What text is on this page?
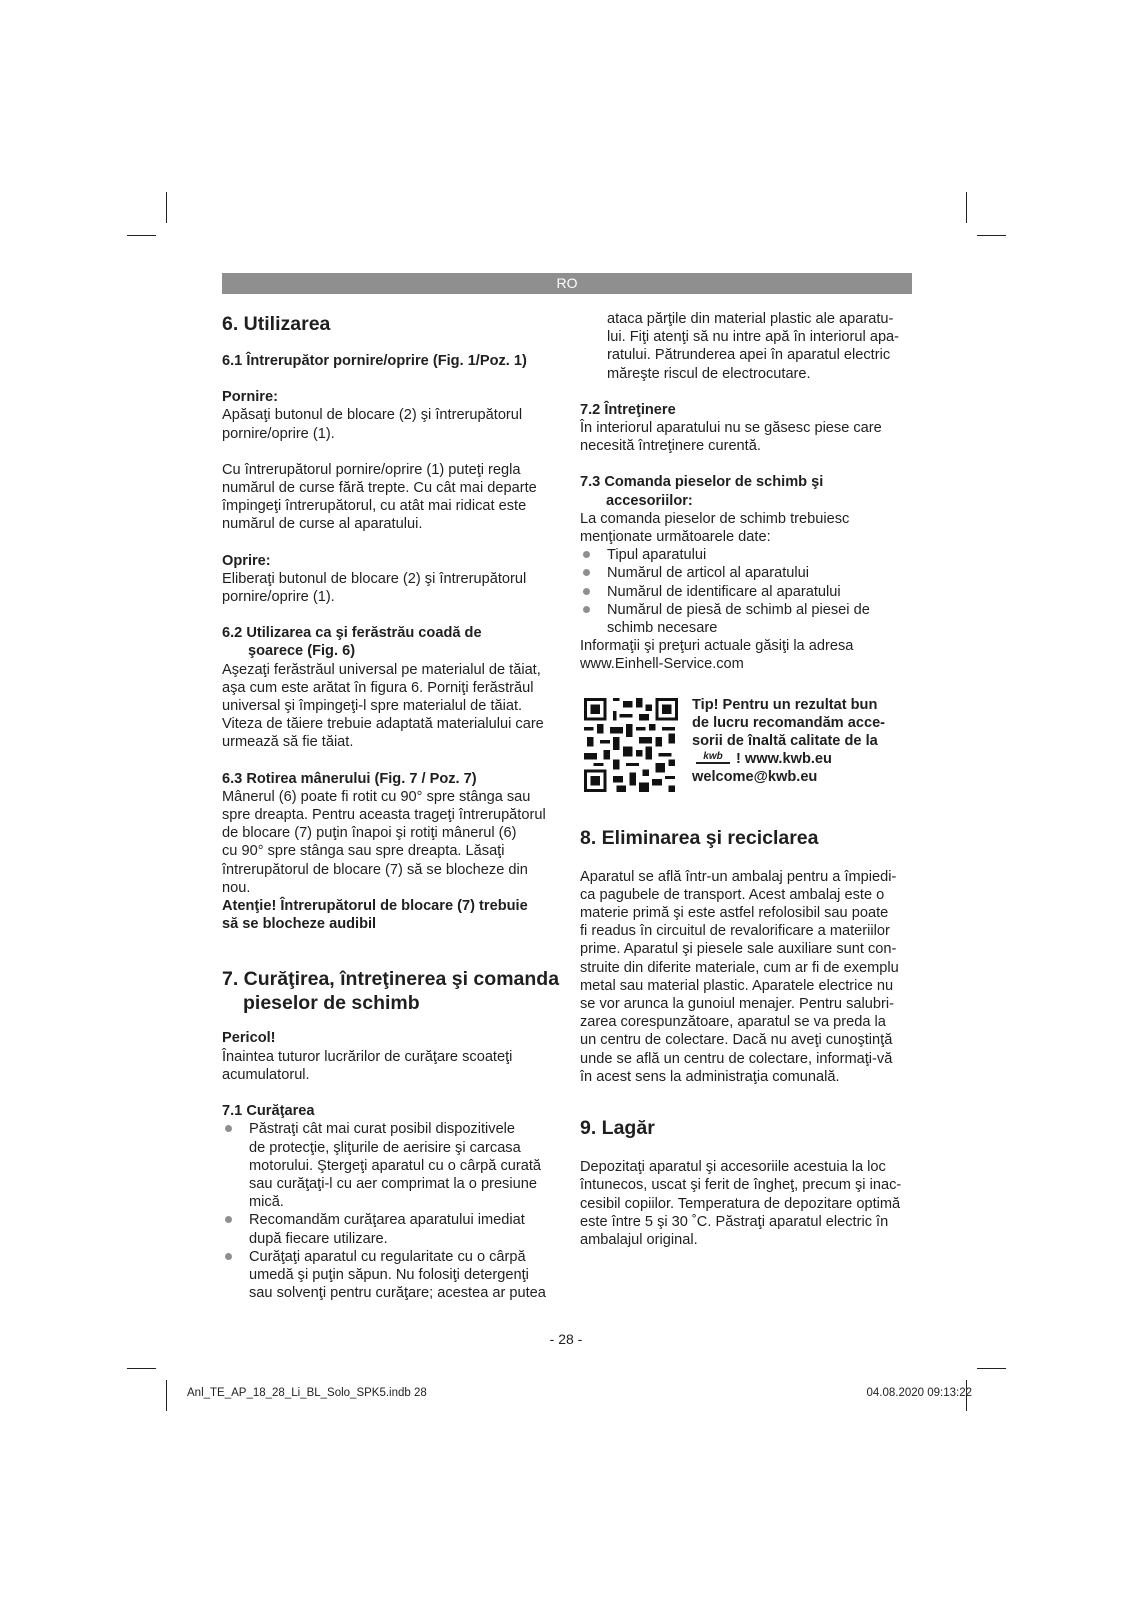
RO
6. Utilizarea

6.1 Întrerupător pornire/oprire (Fig. 1/Poz. 1)

Pornire:

Apăsaţi butonul de blocare (2) şi întrerupătorul

pornire/oprire (1).

Cu întrerupătorul pornire/oprire (1) puteţi regla

numărul de curse fără trepte. Cu cât mai departe

împingeţi întrerupătorul, cu atât mai ridicat este

numărul de curse al aparatului.

Oprire:

Eliberaţi butonul de blocare (2) şi întrerupătorul

pornire/oprire (1).

6.2 Utilizarea ca şi ferăstrău coadă de
şoarece (Fig. 6)

Aşezaţi ferăstrăul universal pe materialul de tăiat,

aşa cum este arătat în figura 6. Porniţi ferăstrăul

universal şi împingeţi-l spre materialul de tăiat.

Viteza de tăiere trebuie adaptată materialului care

urmează să fie tăiat.

6.3 Rotirea mânerului (Fig. 7 / Poz. 7)

Mânerul (6) poate fi rotit cu 90° spre stânga sau

spre dreapta. Pentru aceasta trageţi întrerupătorul

de blocare (7) puţin înapoi şi rotiţi mânerul (6)

cu 90° spre stânga sau spre dreapta. Lăsaţi

întrerupătorul de blocare (7) să se blocheze din

nou.

Atenţie! Întrerupătorul de blocare (7) trebuie

să se blocheze audibil

7. Curăţirea, întreţinerea şi comanda
pieselor de schimb

Pericol!

Înaintea tuturor lucrărilor de curăţare scoateţi

acumulatorul.

7.1 Curăţarea

Păstraţi cât mai curat posibil dispozitivele
de protecţie, şliţurile de aerisire şi carcasa
motorului. Ştergeţi aparatul cu o cârpă curată
sau curăţaţi-l cu aer comprimat la o presiune
mică.
Recomandăm curăţarea aparatului imediat
după fiecare utilizare.
Curăţaţi aparatul cu regularitate cu o cârpă
umedă şi puţin săpun. Nu folosiţi detergenţi
sau solvenţi pentru curăţare; acestea ar putea

ataca părţile din material plastic ale aparatu-

lui. Fiţi atenţi să nu intre apă în interiorul apa-

ratului. Pătrunderea apei în aparatul electric

măreşte riscul de electrocutare.

7.2 Întreţinere

În interiorul aparatului nu se găsesc piese care

necesită întreţinere curentă.

7.3 Comanda pieselor de schimb şi
accesoriilor:

La comanda pieselor de schimb trebuiesc

menţionate următoarele date:

Tipul aparatului
Numărul de articol al aparatului
Numărul de identificare al aparatului
Numărul de piesă de schimb al piesei de
schimb necesare

Informaţii şi preţuri actuale găsiţi la adresa

www.Einhell-Service.com

Tip! Pentru un rezultat bun
de lucru recomandăm acce-
sorii de înaltă calitate de la
kwb ! www.kwb.eu
welcome@kwb.eu
8. Eliminarea şi reciclarea

Aparatul se află într-un ambalaj pentru a împiedi-

ca pagubele de transport. Acest ambalaj este o

materie primă şi este astfel refolosibil sau poate

fi readus în circuitul de revalorificare a materiilor

prime. Aparatul şi piesele sale auxiliare sunt con-

struite din diferite materiale, cum ar fi de exemplu

metal sau material plastic. Aparatele electrice nu

se vor arunca la gunoiul menajer. Pentru salubri-

zarea corespunzătoare, aparatul se va preda la

un centru de colectare. Dacă nu aveţi cunoştinţă

unde se află un centru de colectare, informaţi-vă

în acest sens la administraţia comunală.

9. Lagăr

Depozitaţi aparatul şi accesoriile acestuia la loc

întunecos, uscat şi ferit de îngheţ, precum şi inac-

cesibil copiilor. Temperatura de depozitare optimă

este între 5 şi 30 ˚C. Păstraţi aparatul electric în

ambalajul original.

- 28 -
Anl_TE_AP_18_28_Li_BL_Solo_SPK5.indb 28	04.08.2020 09:13:22
